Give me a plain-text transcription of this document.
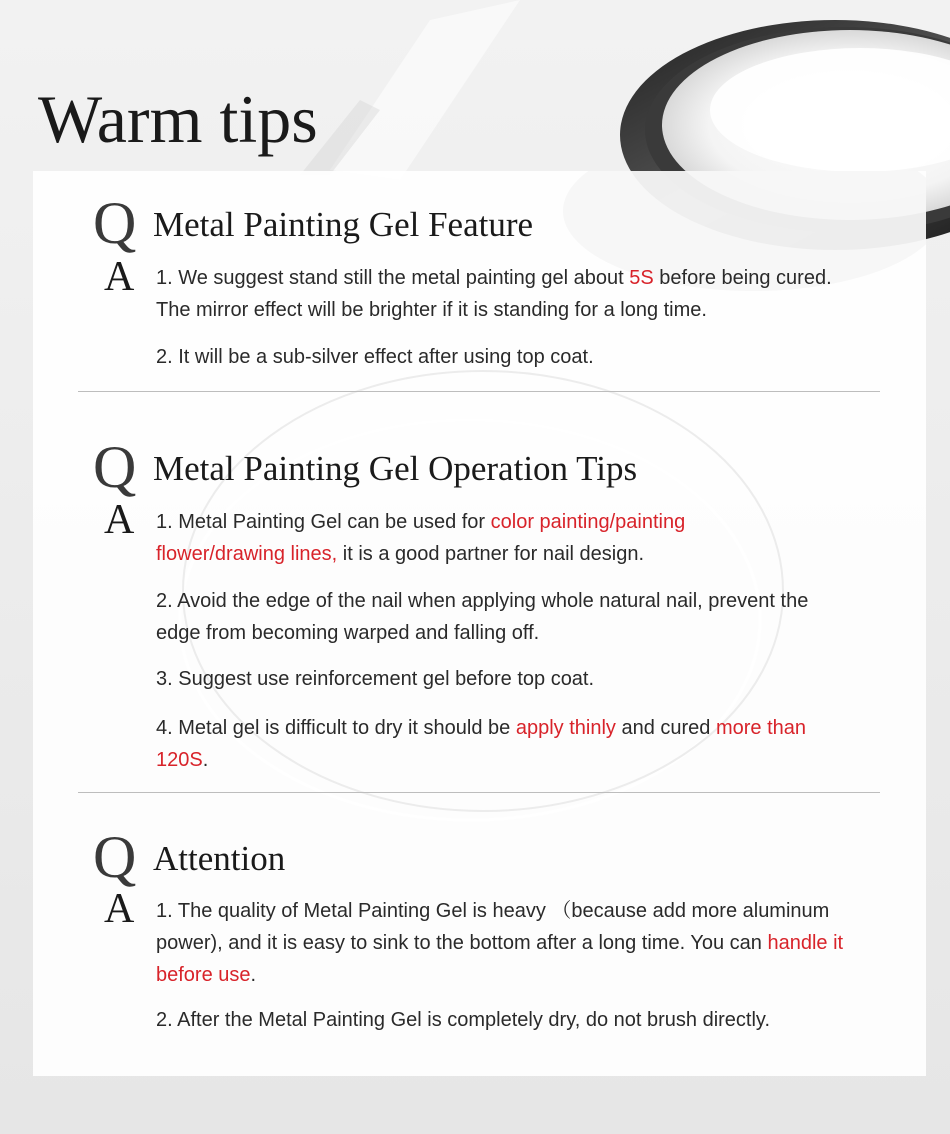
Warm tips
Q Metal Painting Gel Feature
A 1. We suggest stand still the metal painting gel about 5S before being cured. The mirror effect will be brighter if it is standing for a long time.

2. It will be a sub-silver effect after using top coat.

Q Metal Painting Gel Operation Tips
A 1. Metal Painting Gel can be used for color painting/painting flower/drawing lines, it is a good partner for nail design.

2. Avoid the edge of the nail when applying whole natural nail, prevent the edge from becoming warped and falling off.

3. Suggest use reinforcement gel before top coat.

4. Metal gel is difficult to dry it should be apply thinly and cured more than 120S.

Q Attention
A 1. The quality of Metal Painting Gel is heavy （because add more aluminum power), and it is easy to sink to the bottom after a long time. You can handle it before use.

2. After the Metal Painting Gel is completely dry, do not brush directly.
